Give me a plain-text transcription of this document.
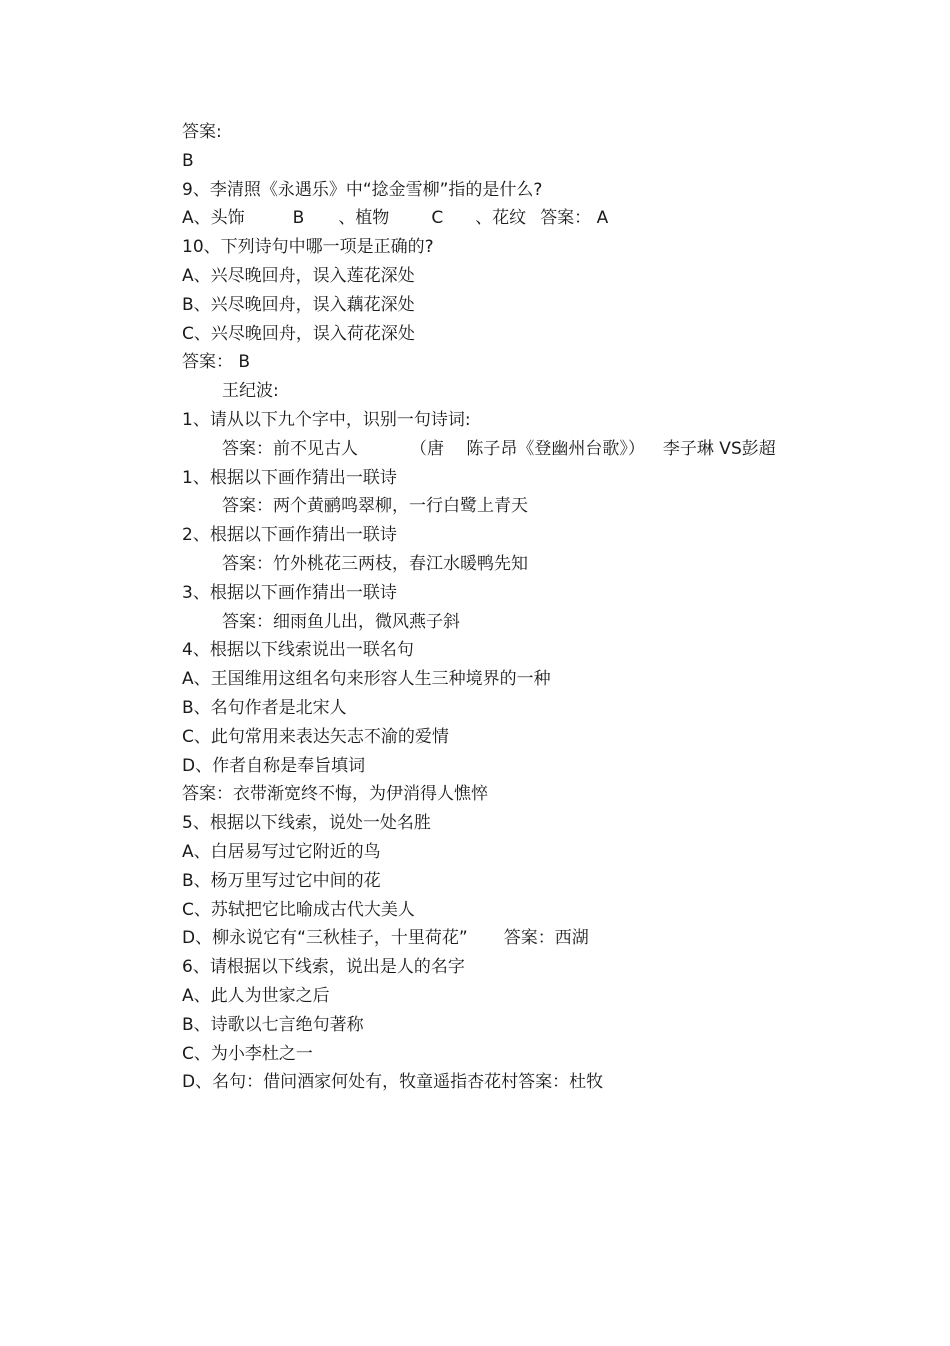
答案:
B
9、李清照《永遇乐》中“捻金雪柳”指的是什么?
A、头饰	B 、植物 C 、花纹 答案： A
10、下列诗句中哪一项是正确的?
A、兴尽晚回舟，误入莲花深处
B、兴尽晚回舟，误入藕花深处
C、兴尽晚回舟，误入荷花深处
答案： B
王纪波:
1、请从以下九个字中，识别一句诗词:
答案：前不见古人	（唐　 陈子昂《登幽州台歌》） 李子琳 VS彭超
1、根据以下画作猜出一联诗
答案：两个黄鹂鸣翠柳，一行白鹭上青天
2、根据以下画作猜出一联诗
答案：竹外桃花三两枝，春江水暖鸭先知
3、根据以下画作猜出一联诗
答案：细雨鱼儿出，微风燕子斜
4、根据以下线索说出一联名句
A、王国维用这组名句来形容人生三种境界的一种
B、名句作者是北宋人
C、此句常用来表达矢志不渝的爱情
D、作者自称是奉旨填词
答案：衣带渐宽终不悔，为伊消得人憔悴
5、根据以下线索，说处一处名胜
A、白居易写过它附近的鸟
B、杨万里写过它中间的花
C、苏轼把它比喻成古代大美人
D、柳永说它有“三秋桂子，十里荷花” 答案：西湖
6、请根据以下线索，说出是人的名字
A、此人为世家之后
B、诗歌以七言绝句著称
C、为小李杜之一
D、名句：借问酒家何处有，牧童遥指杏花村答案：杜牧
